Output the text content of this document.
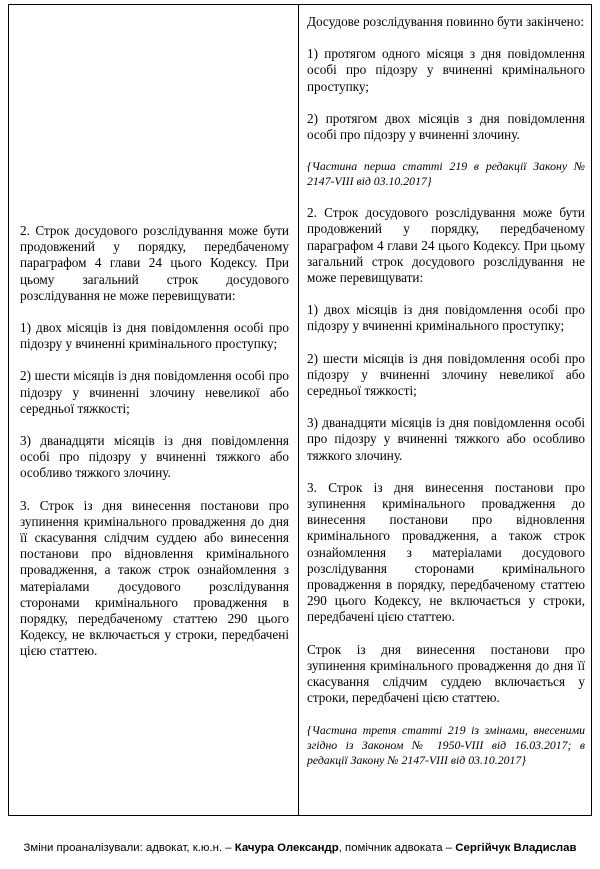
2. Строк досудового розслідування може бути продовжений у порядку, передбаченому параграфом 4 глави 24 цього Кодексу. При цьому загальний строк досудового розслідування не може перевищувати:

1) двох місяців із дня повідомлення особі про підозру у вчиненні кримінального проступку;

2) шести місяців із дня повідомлення особі про підозру у вчиненні злочину невеликої або середньої тяжкості;

3) дванадцяти місяців із дня повідомлення особі про підозру у вчиненні тяжкого або особливо тяжкого злочину.

3. Строк із дня винесення постанови про зупинення кримінального провадження до дня її скасування слідчим суддею або винесення постанови про відновлення кримінального провадження, а також строк ознайомлення з матеріалами досудового розслідування сторонами кримінального провадження в порядку, передбаченому статтею 290 цього Кодексу, не включається у строки, передбачені цією статтею.

Досудове розслідування повинно бути закінчено:

1) протягом одного місяця з дня повідомлення особі про підозру у вчиненні кримінального проступку;

2) протягом двох місяців з дня повідомлення особі про підозру у вчиненні злочину.

{Частина перша статті 219 в редакції Закону № 2147-VIII від 03.10.2017}

2. Строк досудового розслідування може бути продовжений у порядку, передбаченому параграфом 4 глави 24 цього Кодексу. При цьому загальний строк досудового розслідування не може перевищувати:

1) двох місяців із дня повідомлення особі про підозру у вчиненні кримінального проступку;

2) шести місяців із дня повідомлення особі про підозру у вчиненні злочину невеликої або середньої тяжкості;

3) дванадцяти місяців із дня повідомлення особі про підозру у вчиненні тяжкого або особливо тяжкого злочину.

3. Строк із дня винесення постанови про зупинення кримінального провадження до винесення постанови про відновлення кримінального провадження, а також строк ознайомлення з матеріалами досудового розслідування сторонами кримінального провадження в порядку, передбаченому статтею 290 цього Кодексу, не включається у строки, передбачені цією статтею.

Строк із дня винесення постанови про зупинення кримінального провадження до дня її скасування слідчим суддею включається у строки, передбачені цією статтею.

{Частина третя статті 219 із змінами, внесеними згідно із Законом № 1950-VIII від 16.03.2017; в редакції Закону № 2147-VIII від 03.10.2017}

Зміни проаналізували: адвокат, к.ю.н. – Качура Олександр, помічник адвоката – Сергійчук Владислав
